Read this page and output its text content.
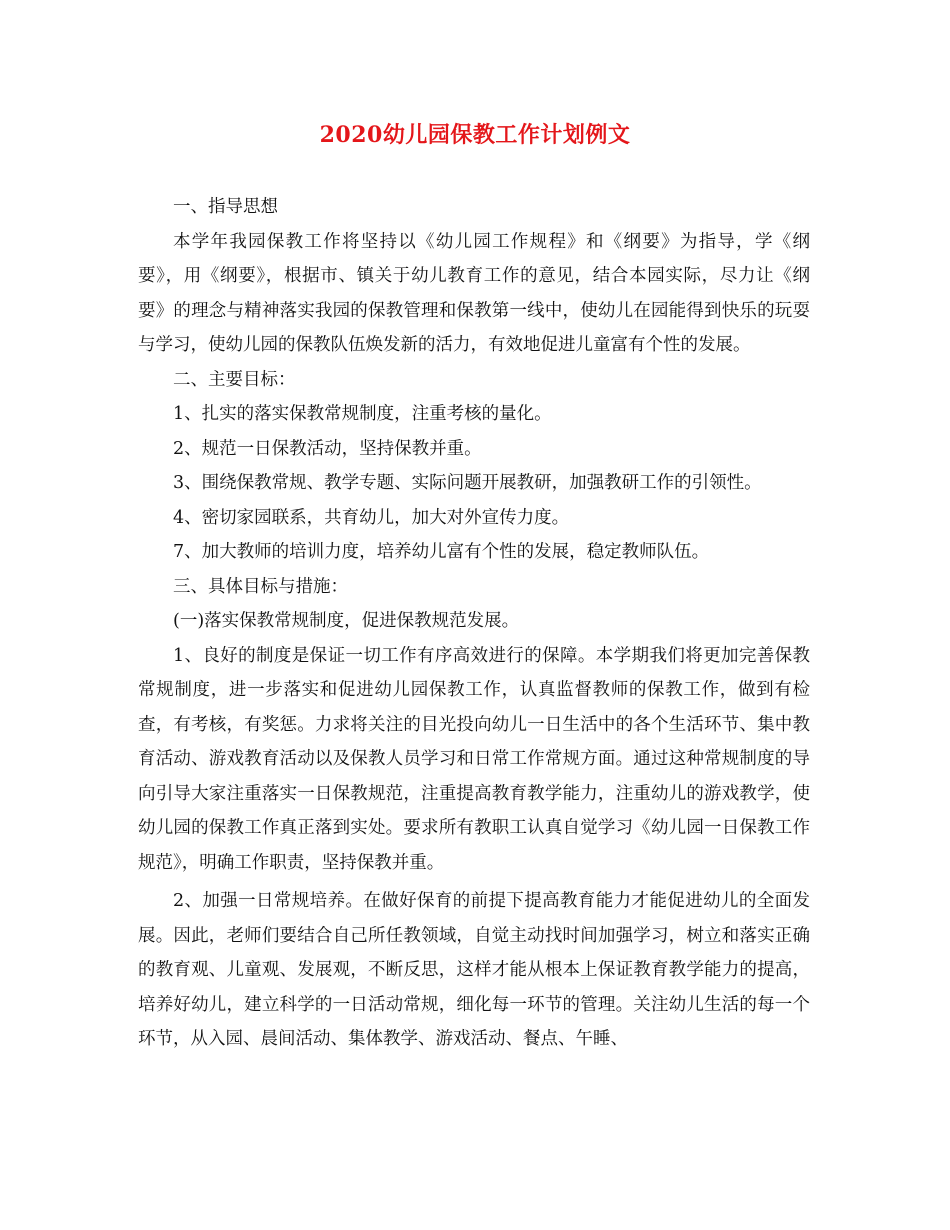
2020幼儿园保教工作计划例文

一、指导思想

本学年我园保教工作将坚持以《幼儿园工作规程》和《纲要》为指导，学《纲要》，用《纲要》，根据市、镇关于幼儿教育工作的意见，结合本园实际，尽力让《纲要》的理念与精神落实我园的保教管理和保教第一线中，使幼儿在园能得到快乐的玩耍与学习，使幼儿园的保教队伍焕发新的活力，有效地促进儿童富有个性的发展。

二、主要目标：

1、扎实的落实保教常规制度，注重考核的量化。

2、规范一日保教活动，坚持保教并重。

3、围绕保教常规、教学专题、实际问题开展教研，加强教研工作的引领性。

4、密切家园联系，共育幼儿，加大对外宣传力度。

7、加大教师的培训力度，培养幼儿富有个性的发展，稳定教师队伍。

三、具体目标与措施：

(一)落实保教常规制度，促进保教规范发展。

1、良好的制度是保证一切工作有序高效进行的保障。本学期我们将更加完善保教常规制度，进一步落实和促进幼儿园保教工作，认真监督教师的保教工作，做到有检查，有考核，有奖惩。力求将关注的目光投向幼儿一日生活中的各个生活环节、集中教育活动、游戏教育活动以及保教人员学习和日常工作常规方面。通过这种常规制度的导向引导大家注重落实一日保教规范，注重提高教育教学能力，注重幼儿的游戏教学，使幼儿园的保教工作真正落到实处。要求所有教职工认真自觉学习《幼儿园一日保教工作规范》，明确工作职责，坚持保教并重。

2、加强一日常规培养。在做好保育的前提下提高教育能力才能促进幼儿的全面发展。因此，老师们要结合自己所任教领域，自觉主动找时间加强学习，树立和落实正确的教育观、儿童观、发展观，不断反思，这样才能从根本上保证教育教学能力的提高，培养好幼儿，建立科学的一日活动常规，细化每一环节的管理。关注幼儿生活的每一个环节，从入园、晨间活动、集体教学、游戏活动、餐点、午睡、
